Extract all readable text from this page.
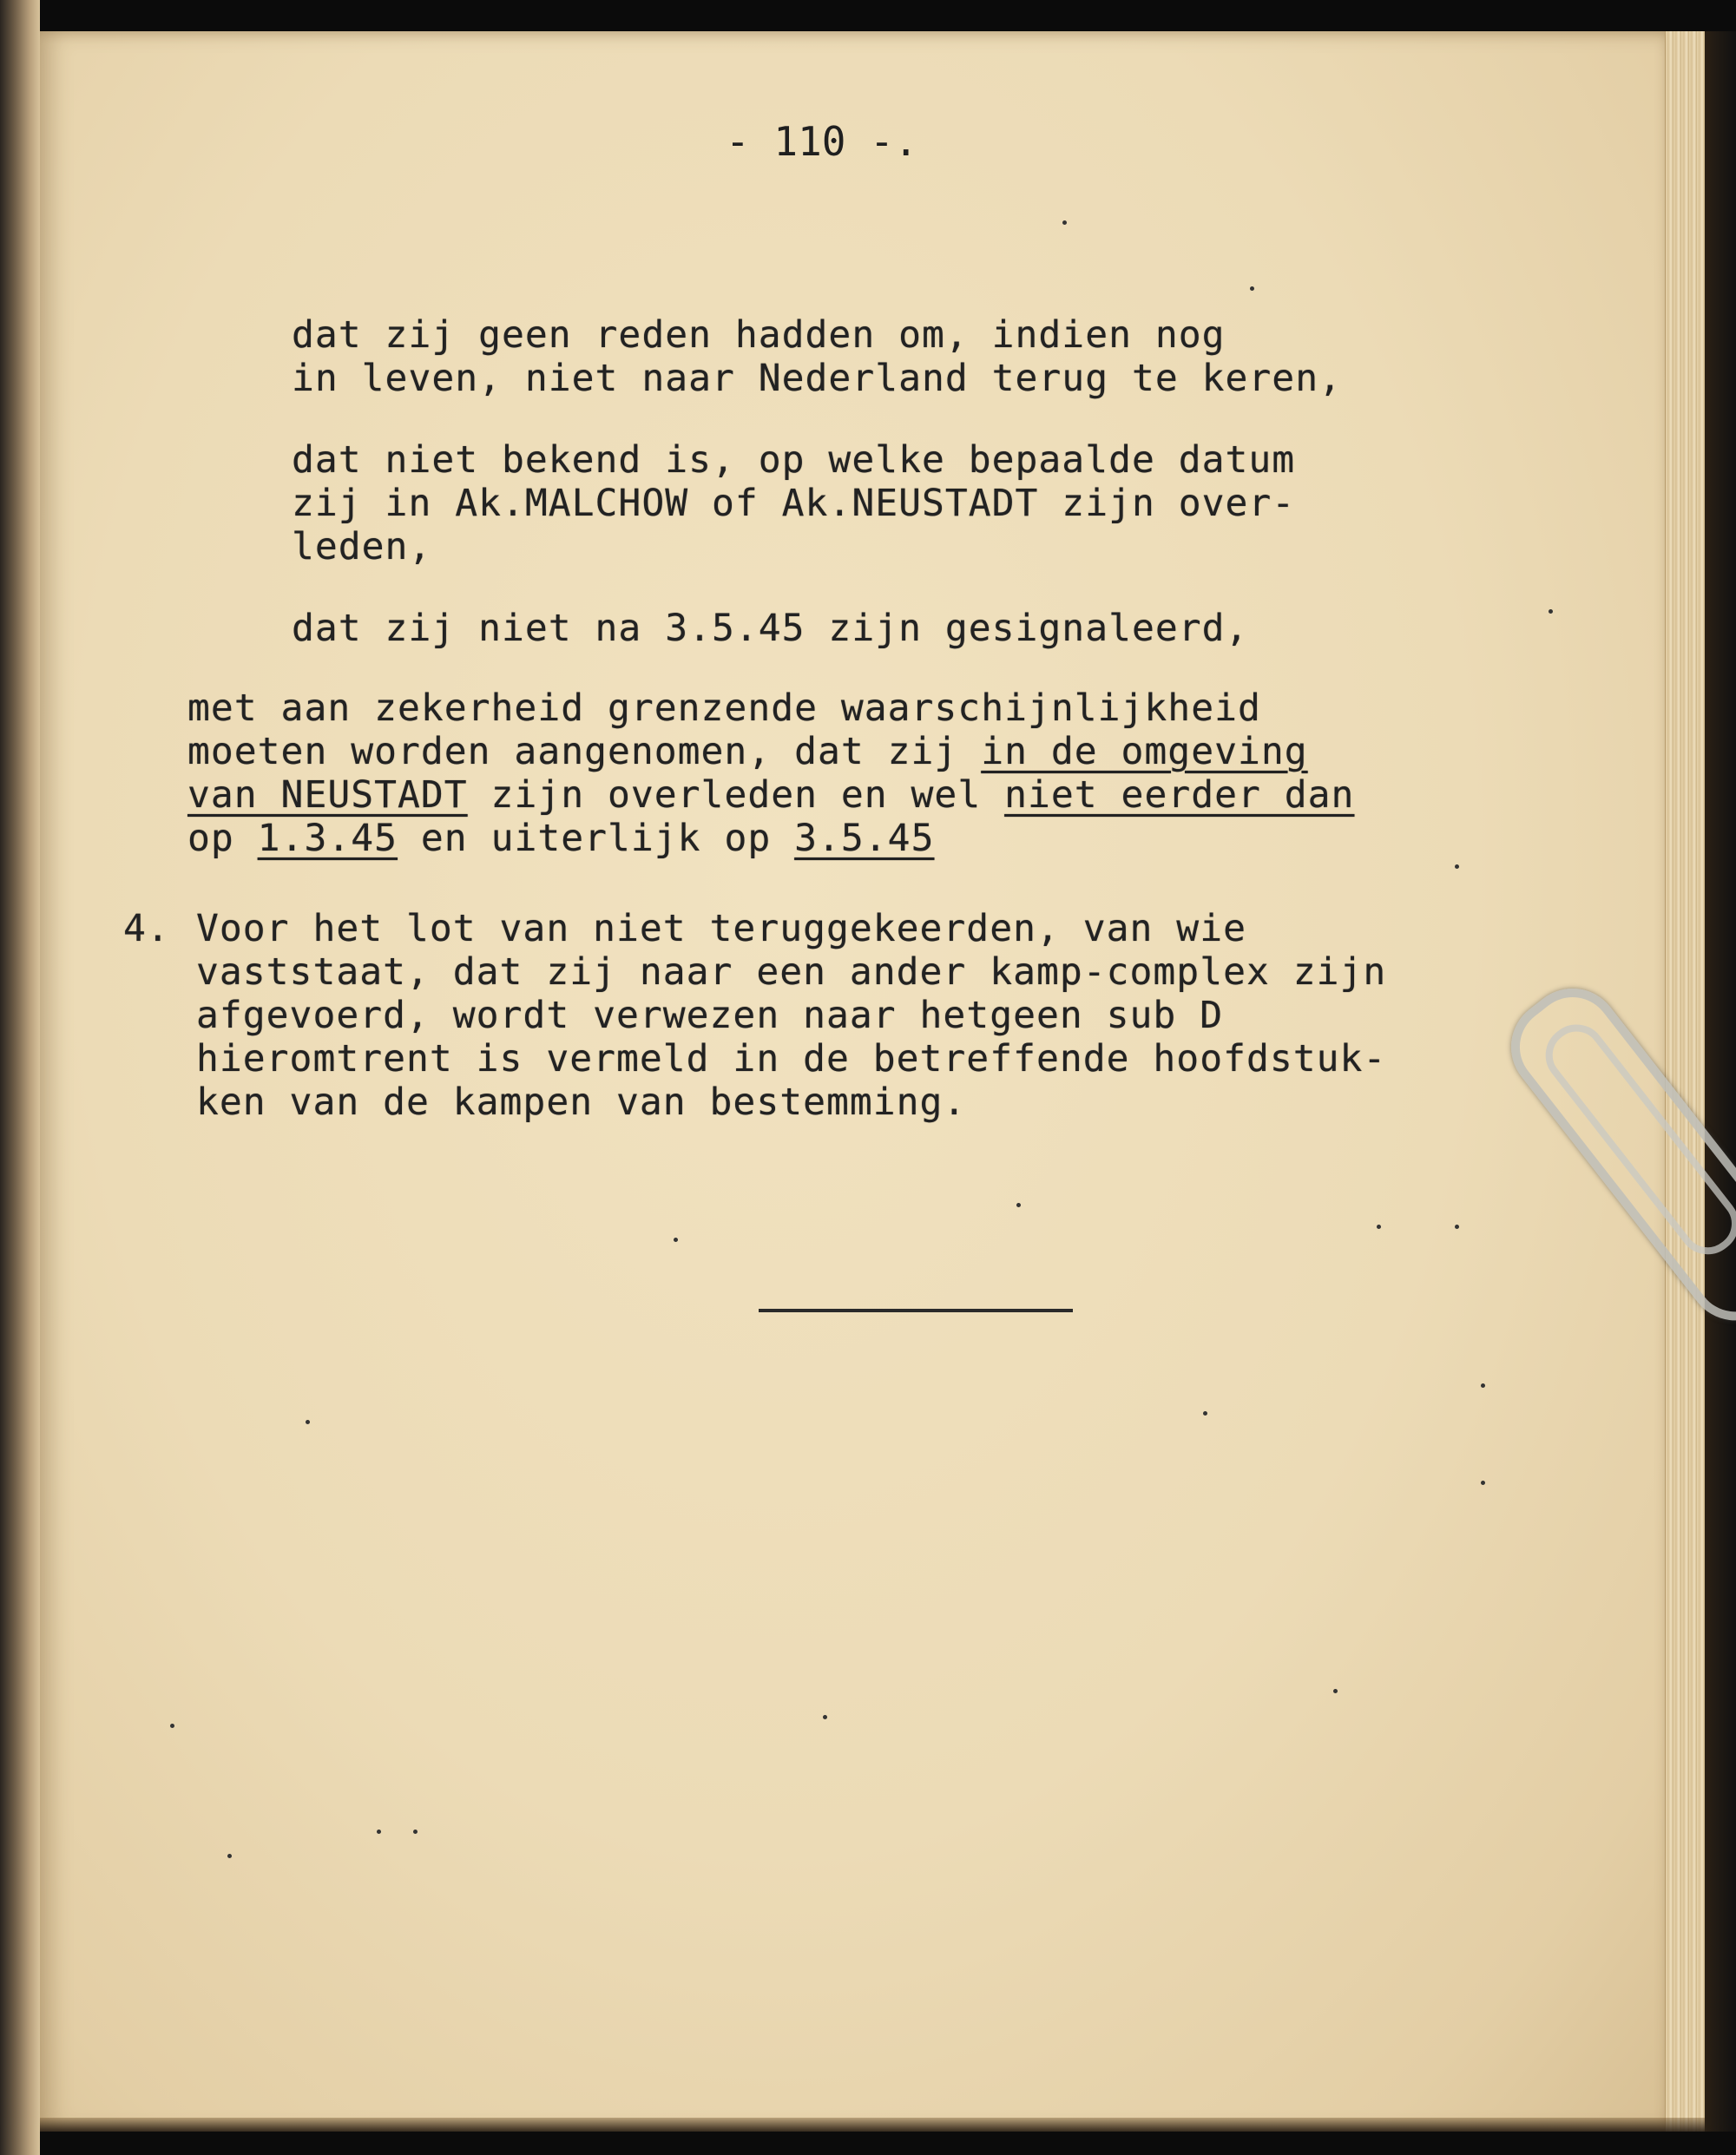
- 110 -.
dat zij geen reden hadden om, indien nog
in leven, niet naar Nederland terug te keren,
dat niet bekend is, op welke bepaalde datum
zij in Ak.MALCHOW of Ak.NEUSTADT zijn over-
leden,
dat zij niet na 3.5.45 zijn gesignaleerd,
met aan zekerheid grenzende waarschijnlijkheid
moeten worden aangenomen, dat zij in de omgeving
van NEUSTADT zijn overleden en wel niet eerder dan
op 1.3.45 en uiterlijk op 3.5.45
4. Voor het lot van niet teruggekeerden, van wie
vaststaat, dat zij naar een ander kamp-complex zijn
afgevoerd, wordt verwezen naar hetgeen sub D
hieromtrent is vermeld in de betreffende hoofdstuk-
ken van de kampen van bestemming.
